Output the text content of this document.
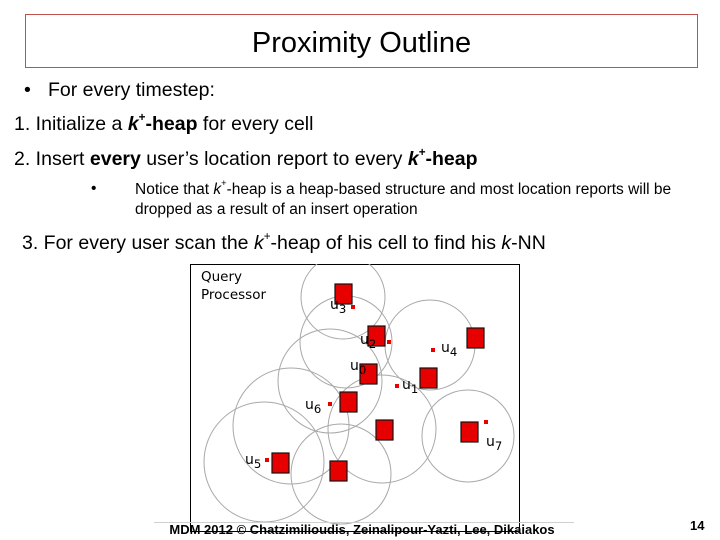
Proximity Outline
• For every timestep:
1. Initialize a k+-heap for every cell
2. Insert every user’s location report to every k+-heap
• Notice that k+-heap is a heap-based structure and most location reports will be dropped as a result of an insert operation
3. For every user scan the k+-heap of his cell to find his k-NN
Query
Processor
$u_3$
$u_2$	$u_4$
$u_0$
$u_1$
$u_6$
$u_7$
$u_5$
MDM 2012 © Chatzimilioudis, Zeinalipour-Yazti, Lee, Dikaiakos	14
